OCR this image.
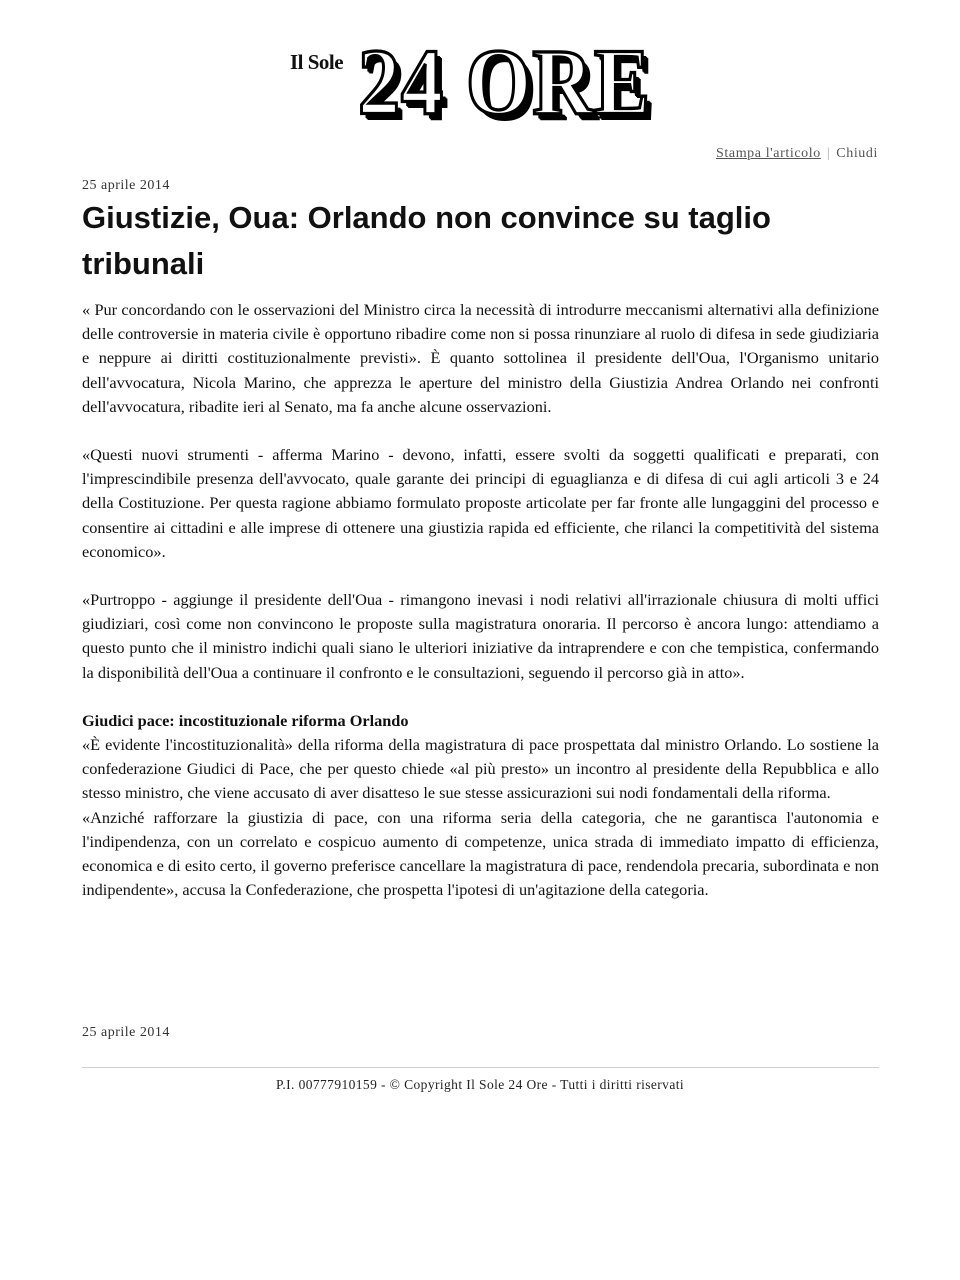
Il Sole 24 ORE
Stampa l'articolo | Chiudi
25 aprile 2014
Giustizie, Oua: Orlando non convince su taglio tribunali

« Pur concordando con le osservazioni del Ministro circa la necessità di introdurre meccanismi alternativi alla definizione delle controversie in materia civile è opportuno ribadire come non si possa rinunziare al ruolo di difesa in sede giudiziaria e neppure ai diritti costituzionalmente previsti». È quanto sottolinea il presidente dell'Oua, l'Organismo unitario dell'avvocatura, Nicola Marino, che apprezza le aperture del ministro della Giustizia Andrea Orlando nei confronti dell'avvocatura, ribadite ieri al Senato, ma fa anche alcune osservazioni.

«Questi nuovi strumenti - afferma Marino - devono, infatti, essere svolti da soggetti qualificati e preparati, con l'imprescindibile presenza dell'avvocato, quale garante dei principi di eguaglianza e di difesa di cui agli articoli 3 e 24 della Costituzione. Per questa ragione abbiamo formulato proposte articolate per far fronte alle lungaggini del processo e consentire ai cittadini e alle imprese di ottenere una giustizia rapida ed efficiente, che rilanci la competitività del sistema economico».

«Purtroppo - aggiunge il presidente dell'Oua - rimangono inevasi i nodi relativi all'irrazionale chiusura di molti uffici giudiziari, così come non convincono le proposte sulla magistratura onoraria. Il percorso è ancora lungo: attendiamo a questo punto che il ministro indichi quali siano le ulteriori iniziative da intraprendere e con che tempistica, confermando la disponibilità dell'Oua a continuare il confronto e le consultazioni, seguendo il percorso già in atto».

Giudici pace: incostituzionale riforma Orlando

«È evidente l'incostituzionalità» della riforma della magistratura di pace prospettata dal ministro Orlando. Lo sostiene la confederazione Giudici di Pace, che per questo chiede «al più presto» un incontro al presidente della Repubblica e allo stesso ministro, che viene accusato di aver disatteso le sue stesse assicurazioni sui nodi fondamentali della riforma.

«Anziché rafforzare la giustizia di pace, con una riforma seria della categoria, che ne garantisca l'autonomia e l'indipendenza, con un correlato e cospicuo aumento di competenze, unica strada di immediato impatto di efficienza, economica e di esito certo, il governo preferisce cancellare la magistratura di pace, rendendola precaria, subordinata e non indipendente», accusa la Confederazione, che prospetta l'ipotesi di un'agitazione della categoria.

25 aprile 2014
P.I. 00777910159 - © Copyright Il Sole 24 Ore - Tutti i diritti riservati
